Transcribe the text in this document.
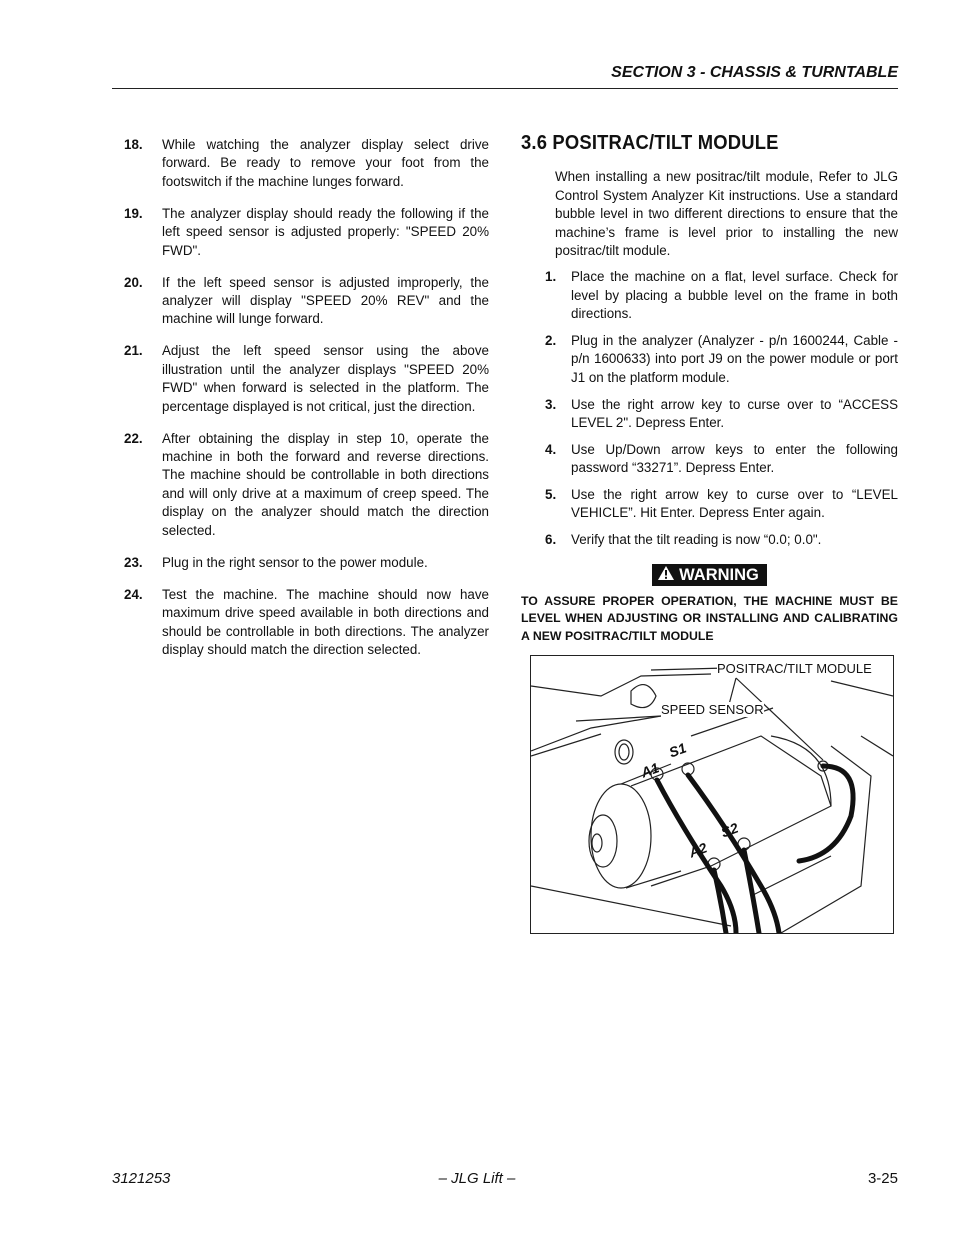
SECTION 3 - CHASSIS & TURNTABLE
18. While watching the analyzer display select drive forward. Be ready to remove your foot from the footswitch if the machine lunges forward.
19. The analyzer display should ready the following if the left speed sensor is adjusted properly: "SPEED 20% FWD".
20. If the left speed sensor is adjusted improperly, the analyzer will display "SPEED 20% REV" and the machine will lunge forward.
21. Adjust the left speed sensor using the above illustration until the analyzer displays "SPEED 20% FWD" when forward is selected in the platform. The percentage displayed is not critical, just the direction.
22. After obtaining the display in step 10, operate the machine in both the forward and reverse directions. The machine should be controllable in both directions and will only drive at a maximum of creep speed. The display on the analyzer should match the direction selected.
23. Plug in the right sensor to the power module.
24. Test the machine. The machine should now have maximum drive speed available in both directions and should be controllable in both directions. The analyzer display should match the direction selected.
3.6 POSITRAC/TILT MODULE
When installing a new positrac/tilt module, Refer to JLG Control System Analyzer Kit instructions. Use a standard bubble level in two different directions to ensure that the machine’s frame is level prior to installing the new positrac/tilt module.
1. Place the machine on a flat, level surface. Check for level by placing a bubble level on the frame in both directions.
2. Plug in the analyzer (Analyzer - p/n 1600244, Cable - p/n 1600633) into port J9 on the power module or port J1 on the platform module.
3. Use the right arrow key to curse over to “ACCESS LEVEL 2". Depress Enter.
4. Use Up/Down arrow keys to enter the following password “33271”. Depress Enter.
5. Use the right arrow key to curse over to “LEVEL VEHICLE”. Hit Enter. Depress Enter again.
6. Verify that the tilt reading is now “0.0; 0.0".
WARNING
TO ASSURE PROPER OPERATION, THE MACHINE MUST BE LEVEL WHEN ADJUSTING OR INSTALLING AND CALIBRATING A NEW POSITRAC/TILT MODULE
POSITRAC/TILT MODULE
SPEED SENSOR
A1
S1
A2
S2
3121253	– JLG Lift –	3-25
